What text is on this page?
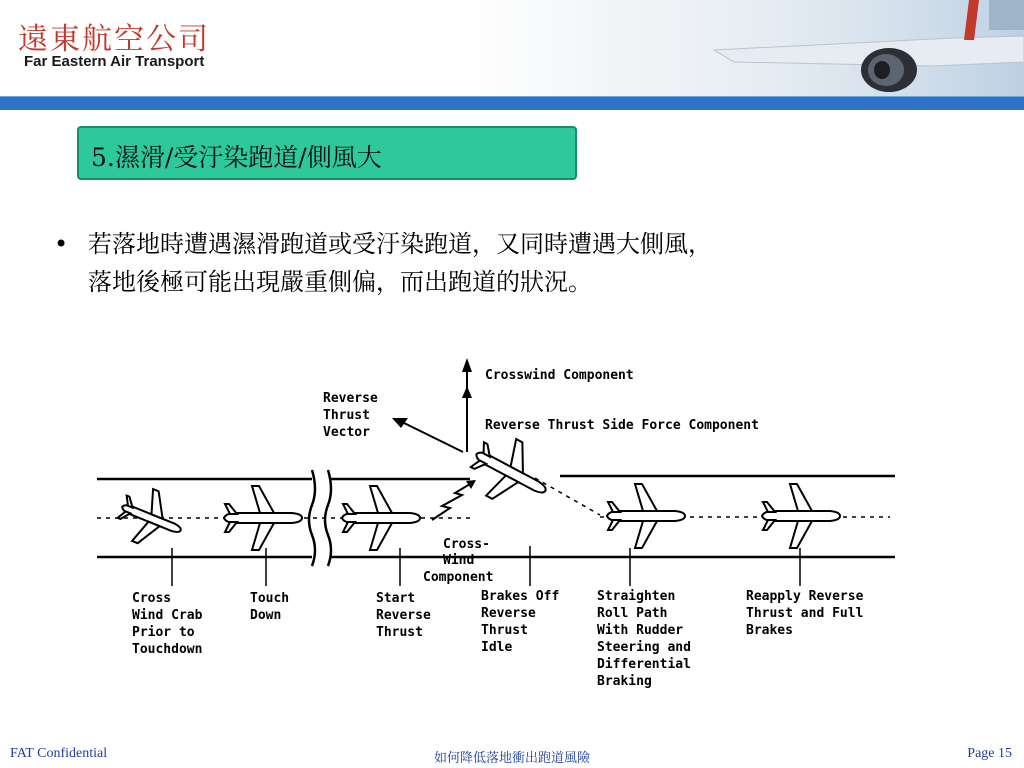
遠東航空公司
Far Eastern Air Transport
5.濕滑/受汙染跑道/側風大
• 若落地時遭遇濕滑跑道或受汙染跑道，又同時遭遇大側風，
落地後極可能出現嚴重側偏，而出跑道的狀況。
Crosswind Component
Reverse Thrust Side Force Component
Reverse
Thrust
Vector
Cross-
Wind
Component
Cross
Wind Crab
Prior to
Touchdown
Touch
Down
Start
Reverse
Thrust
Brakes Off
Reverse
Thrust
Idle
Straighten
Roll Path
With Rudder
Steering and
Differential
Braking
Reapply Reverse
Thrust and Full
Brakes
FAT Confidential	如何降低落地衝出跑道風險	Page 15
